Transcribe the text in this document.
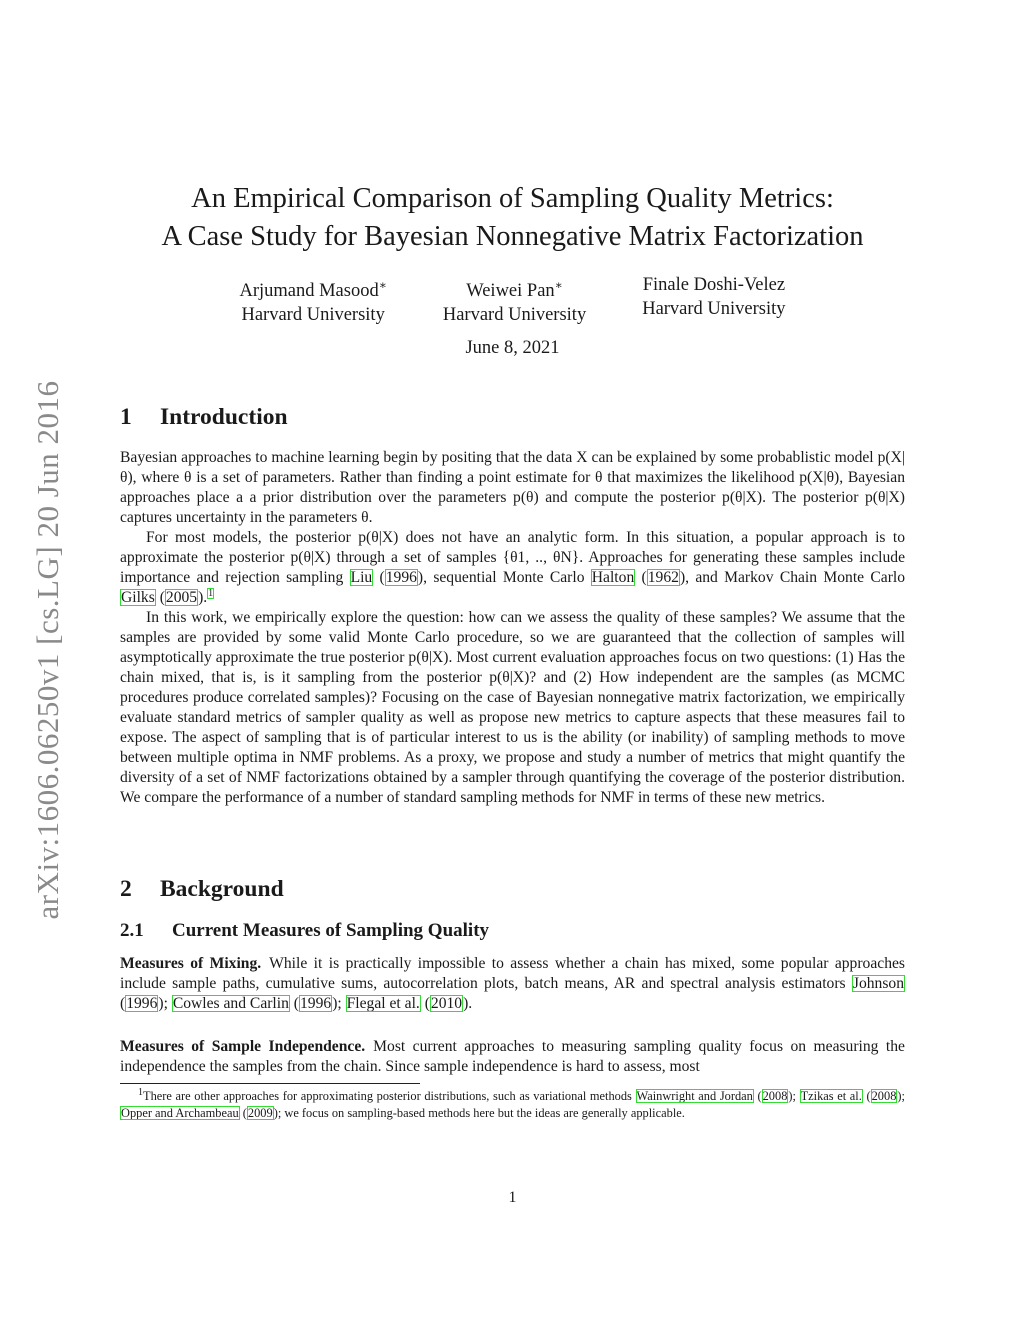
arXiv:1606.06250v1 [cs.LG] 20 Jun 2016
An Empirical Comparison of Sampling Quality Metrics:
A Case Study for Bayesian Nonnegative Matrix Factorization
Arjumand Masood∗
Harvard University
Weiwei Pan∗
Harvard University
Finale Doshi-Velez
Harvard University
June 8, 2021
1 Introduction

Bayesian approaches to machine learning begin by positing that the data X can be explained by some probablistic model p(X|θ), where θ is a set of parameters. Rather than finding a point estimate for θ that maximizes the likelihood p(X|θ), Bayesian approaches place a a prior distribution over the parameters p(θ) and compute the posterior p(θ|X). The posterior p(θ|X) captures uncertainty in the parameters θ.

For most models, the posterior p(θ|X) does not have an analytic form. In this situation, a popular approach is to approximate the posterior p(θ|X) through a set of samples {θ1, .., θN}. Approaches for generating these samples include importance and rejection sampling Liu (1996), sequential Monte Carlo Halton (1962), and Markov Chain Monte Carlo Gilks (2005).$^1$

In this work, we empirically explore the question: how can we assess the quality of these samples? We assume that the samples are provided by some valid Monte Carlo procedure, so we are guaranteed that the collection of samples will asymptotically approximate the true posterior p(θ|X). Most current evaluation approaches focus on two questions: (1) Has the chain mixed, that is, is it sampling from the posterior p(θ|X)? and (2) How independent are the samples (as MCMC procedures produce correlated samples)? Focusing on the case of Bayesian nonnegative matrix factorization, we empirically evaluate standard metrics of sampler quality as well as propose new metrics to capture aspects that these measures fail to expose. The aspect of sampling that is of particular interest to us is the ability (or inability) of sampling methods to move between multiple optima in NMF problems. As a proxy, we propose and study a number of metrics that might quantify the diversity of a set of NMF factorizations obtained by a sampler through quantifying the coverage of the posterior distribution. We compare the performance of a number of standard sampling methods for NMF in terms of these new metrics.

2 Background
2.1 Current Measures of Sampling Quality

Measures of Mixing. While it is practically impossible to assess whether a chain has mixed, some popular approaches include sample paths, cumulative sums, autocorrelation plots, batch means, AR and spectral analysis estimators Johnson (1996); Cowles and Carlin (1996); Flegal et al. (2010).

Measures of Sample Independence. Most current approaches to measuring sampling quality focus on measuring the independence the samples from the chain. Since sample independence is hard to assess, most

$^1$There are other approaches for approximating posterior distributions, such as variational methods Wainwright and Jordan (2008); Tzikas et al. (2008); Opper and Archambeau (2009); we focus on sampling-based methods here but the ideas are generally applicable.
1
